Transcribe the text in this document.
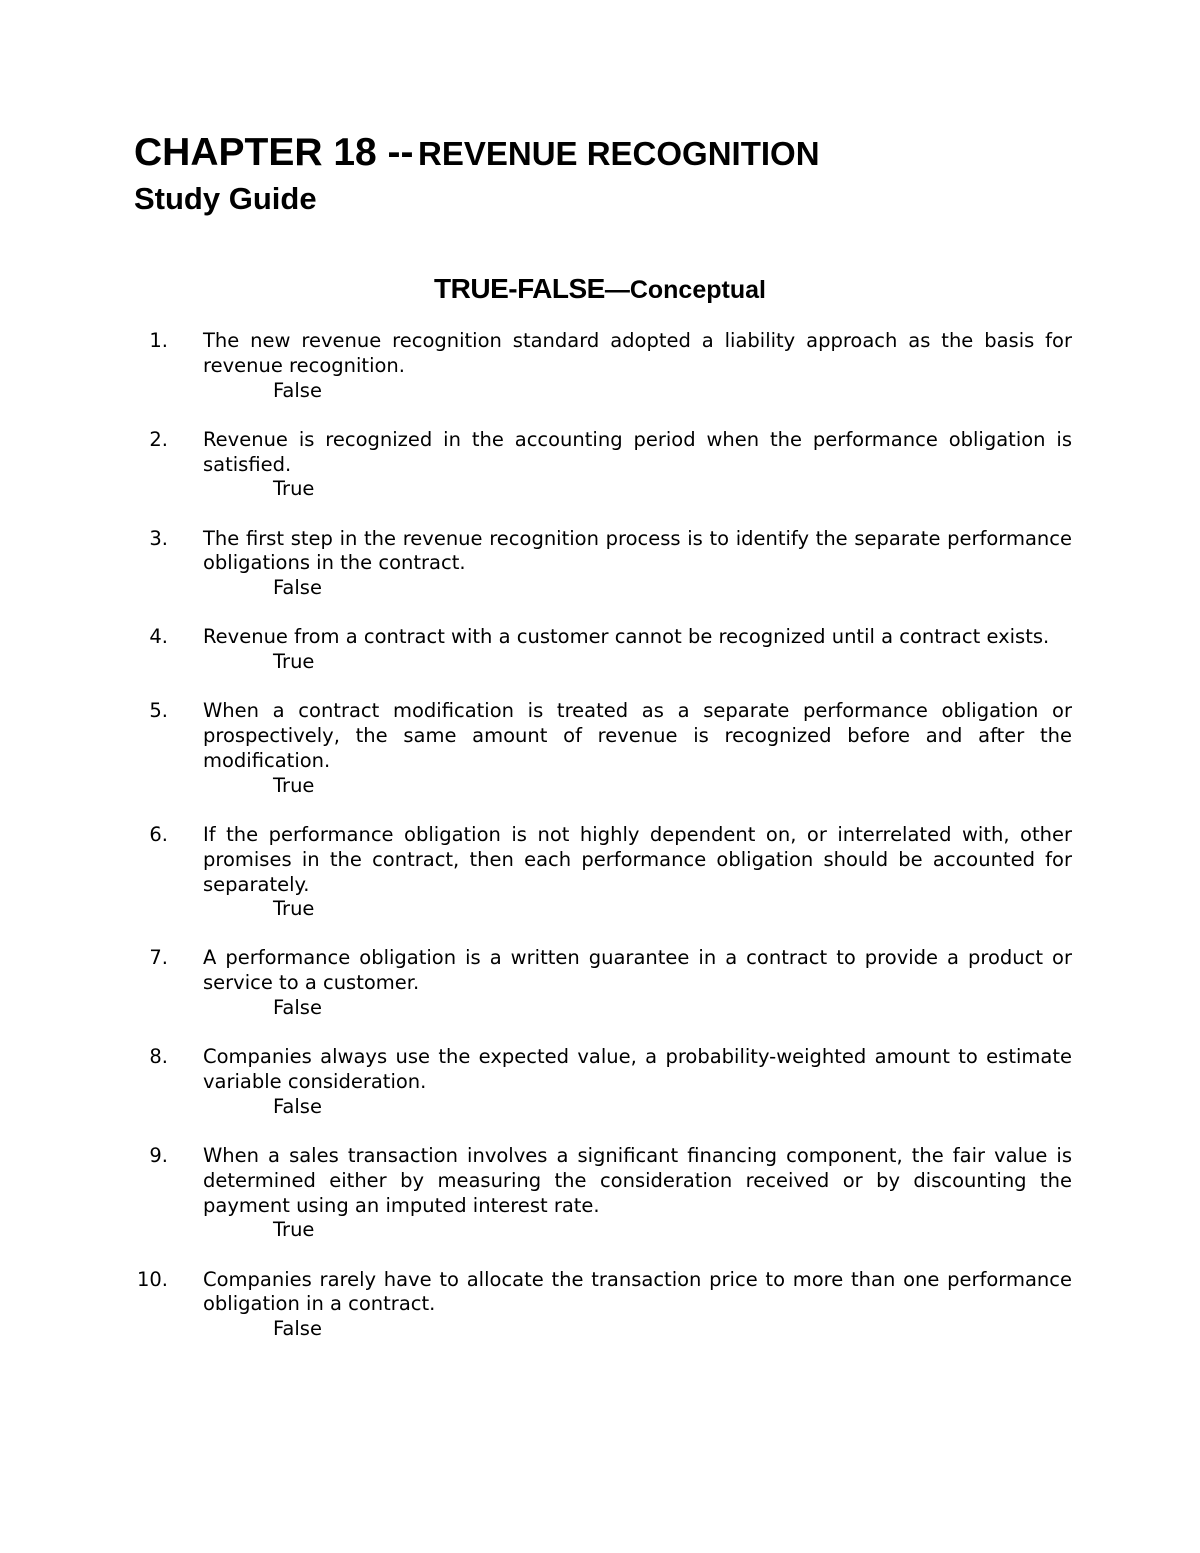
CHAPTER 18 -- REVENUE RECOGNITION
Study Guide
TRUE-FALSE—Conceptual
1. The new revenue recognition standard adopted a liability approach as the basis for revenue recognition.
False
2. Revenue is recognized in the accounting period when the performance obligation is satisfied.
True
3. The first step in the revenue recognition process is to identify the separate performance obligations in the contract.
False
4. Revenue from a contract with a customer cannot be recognized until a contract exists.
True
5. When a contract modification is treated as a separate performance obligation or prospectively, the same amount of revenue is recognized before and after the modification.
True
6. If the performance obligation is not highly dependent on, or interrelated with, other promises in the contract, then each performance obligation should be accounted for separately.
True
7. A performance obligation is a written guarantee in a contract to provide a product or service to a customer.
False
8. Companies always use the expected value, a probability-weighted amount to estimate variable consideration.
False
9. When a sales transaction involves a significant financing component, the fair value is determined either by measuring the consideration received or by discounting the payment using an imputed interest rate.
True
10. Companies rarely have to allocate the transaction price to more than one performance obligation in a contract.
False
